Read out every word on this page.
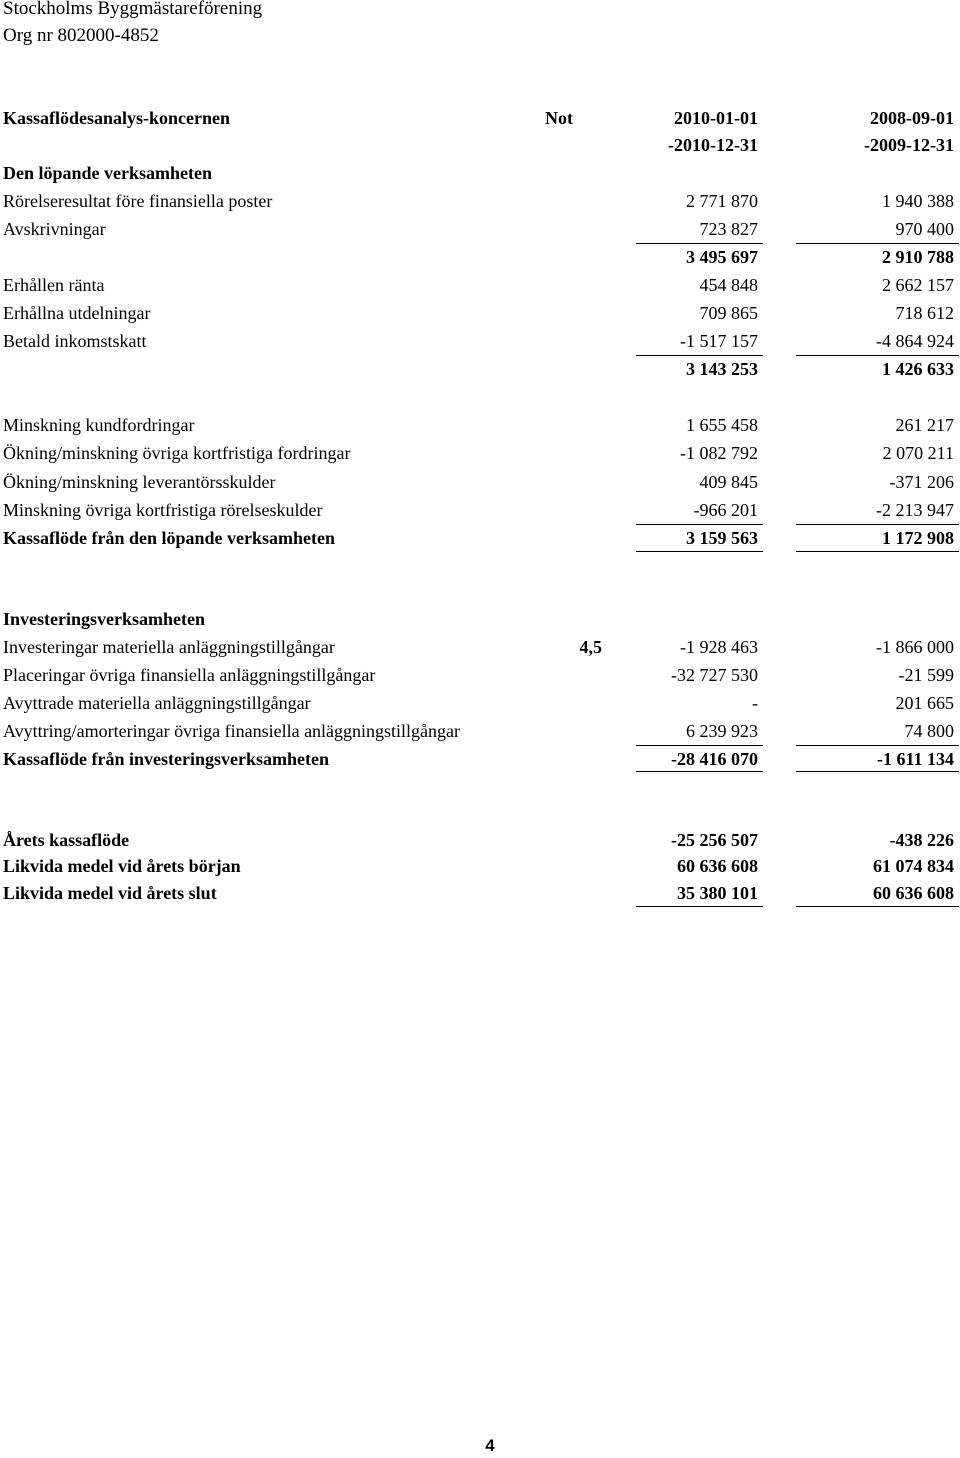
Stockholms Byggmästareförening
Org nr 802000-4852
Kassaflödesanalys-koncernen	Not	2010-01-01	2008-09-01
-2010-12-31	-2009-12-31
Den löpande verksamheten
Rörelseresultat före finansiella poster	2 771 870	1 940 388
Avskrivningar	723 827	970 400
3 495 697	2 910 788
Erhållen ränta	454 848	2 662 157
Erhållna utdelningar	709 865	718 612
Betald inkomstskatt	-1 517 157	-4 864 924
3 143 253	1 426 633
Minskning kundfordringar	1 655 458	261 217
Ökning/minskning övriga kortfristiga fordringar	-1 082 792	2 070 211
Ökning/minskning leverantörsskulder	409 845	-371 206
Minskning övriga kortfristiga rörelseskulder	-966 201	-2 213 947
Kassaflöde från den löpande verksamheten	3 159 563	1 172 908
Investeringsverksamheten
Investeringar materiella anläggningstillgångar	4,5	-1 928 463	-1 866 000
Placeringar övriga finansiella anläggningstillgångar	-32 727 530	-21 599
Avyttrade materiella anläggningstillgångar	-	201 665
Avyttring/amorteringar övriga finansiella anläggningstillgångar	6 239 923	74 800
Kassaflöde från investeringsverksamheten	-28 416 070	-1 611 134
Årets kassaflöde	-25 256 507	-438 226
Likvida medel vid årets början	60 636 608	61 074 834
Likvida medel vid årets slut	35 380 101	60 636 608
4
